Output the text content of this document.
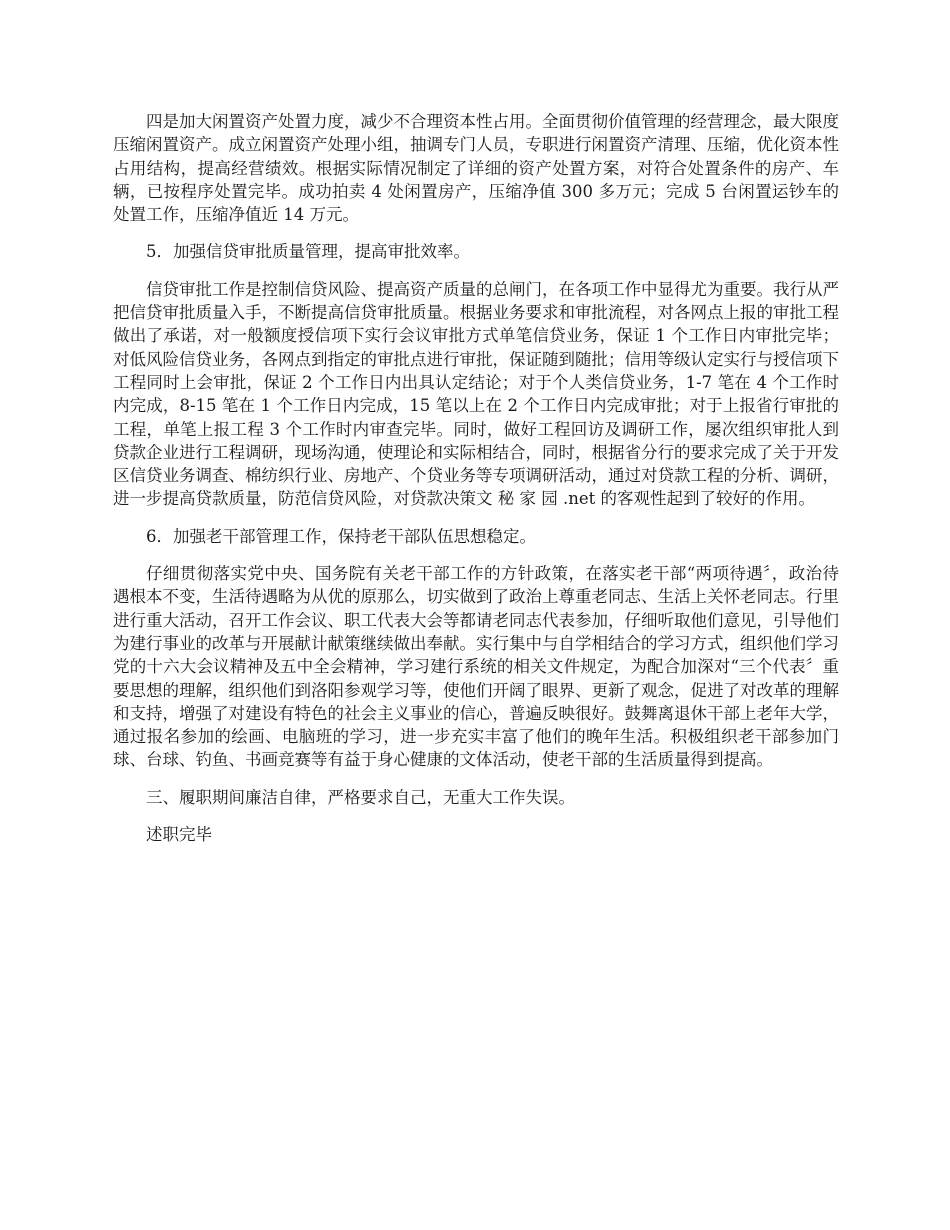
四是加大闲置资产处置力度，减少不合理资本性占用。全面贯彻价值管理的经营理念，最大限度压缩闲置资产。成立闲置资产处理小组，抽调专门人员，专职进行闲置资产清理、压缩，优化资本性占用结构，提高经营绩效。根据实际情况制定了详细的资产处置方案，对符合处置条件的房产、车辆，已按程序处置完毕。成功拍卖 4 处闲置房产，压缩净值 300 多万元；完成 5 台闲置运钞车的处置工作，压缩净值近 14 万元。

5．加强信贷审批质量管理，提高审批效率。

信贷审批工作是控制信贷风险、提高资产质量的总闸门，在各项工作中显得尤为重要。我行从严把信贷审批质量入手，不断提高信贷审批质量。根据业务要求和审批流程，对各网点上报的审批工程做出了承诺，对一般额度授信项下实行会议审批方式单笔信贷业务，保证 1 个工作日内审批完毕；对低风险信贷业务，各网点到指定的审批点进行审批，保证随到随批；信用等级认定实行与授信项下工程同时上会审批，保证 2 个工作日内出具认定结论；对于个人类信贷业务，1-7 笔在 4 个工作时内完成，8-15 笔在 1 个工作日内完成，15 笔以上在 2 个工作日内完成审批；对于上报省行审批的工程，单笔上报工程 3 个工作时内审查完毕。同时，做好工程回访及调研工作，屡次组织审批人到贷款企业进行工程调研，现场沟通，使理论和实际相结合，同时，根据省分行的要求完成了关于开发区信贷业务调查、棉纺织行业、房地产、个贷业务等专项调研活动，通过对贷款工程的分析、调研，进一步提高贷款质量，防范信贷风险，对贷款决策文 秘 家 园 .net 的客观性起到了较好的作用。

6．加强老干部管理工作，保持老干部队伍思想稳定。

仔细贯彻落实党中央、国务院有关老干部工作的方针政策，在落实老干部“两项待遇〞，政治待遇根本不变，生活待遇略为从优的原那么，切实做到了政治上尊重老同志、生活上关怀老同志。行里进行重大活动，召开工作会议、职工代表大会等都请老同志代表参加，仔细听取他们意见，引导他们为建行事业的改革与开展献计献策继续做出奉献。实行集中与自学相结合的学习方式，组织他们学习党的十六大会议精神及五中全会精神，学习建行系统的相关文件规定，为配合加深对“三个代表〞重要思想的理解，组织他们到洛阳参观学习等，使他们开阔了眼界、更新了观念，促进了对改革的理解和支持，增强了对建设有特色的社会主义事业的信心，普遍反映很好。鼓舞离退休干部上老年大学，通过报名参加的绘画、电脑班的学习，进一步充实丰富了他们的晚年生活。积极组织老干部参加门球、台球、钓鱼、书画竞赛等有益于身心健康的文体活动，使老干部的生活质量得到提高。

三、履职期间廉洁自律，严格要求自己，无重大工作失误。

述职完毕
